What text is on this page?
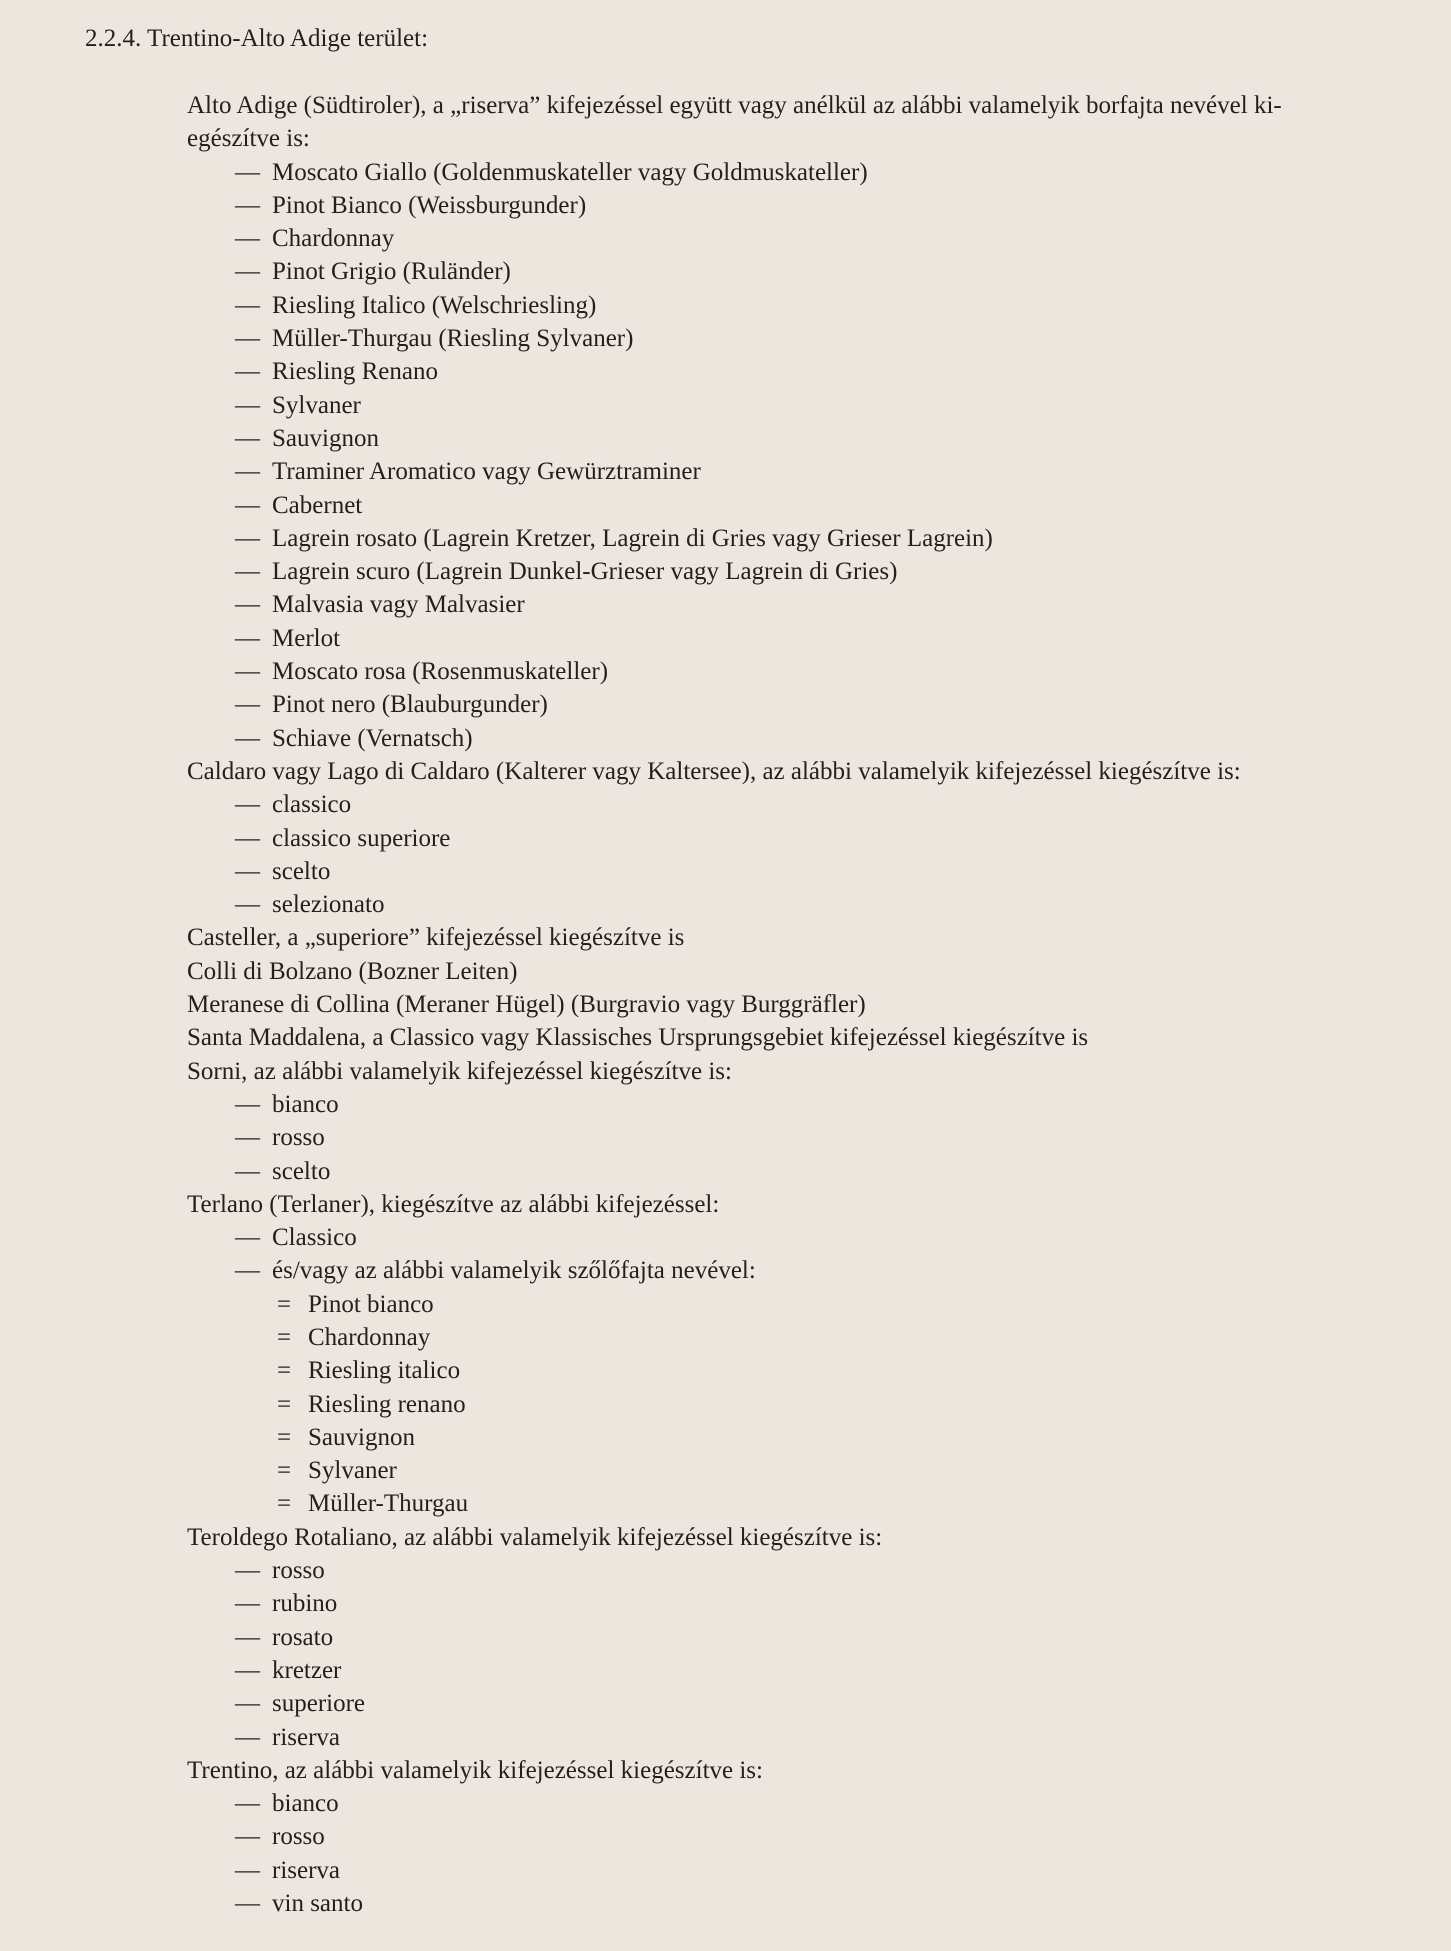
2.2.4. Trentino-Alto Adige terület:
Alto Adige (Südtiroler), a „riserva” kifejezéssel együtt vagy anélkül az alábbi valamelyik borfajta nevével ki-
egészítve is:
— Moscato Giallo (Goldenmuskateller vagy Goldmuskateller)
— Pinot Bianco (Weissburgunder)
— Chardonnay
— Pinot Grigio (Ruländer)
— Riesling Italico (Welschriesling)
— Müller-Thurgau (Riesling Sylvaner)
— Riesling Renano
— Sylvaner
— Sauvignon
— Traminer Aromatico vagy Gewürztraminer
— Cabernet
— Lagrein rosato (Lagrein Kretzer, Lagrein di Gries vagy Grieser Lagrein)
— Lagrein scuro (Lagrein Dunkel-Grieser vagy Lagrein di Gries)
— Malvasia vagy Malvasier
— Merlot
— Moscato rosa (Rosenmuskateller)
— Pinot nero (Blauburgunder)
— Schiave (Vernatsch)
Caldaro vagy Lago di Caldaro (Kalterer vagy Kaltersee), az alábbi valamelyik kifejezéssel kiegészítve is:
— classico
— classico superiore
— scelto
— selezionato
Casteller, a „superiore” kifejezéssel kiegészítve is
Colli di Bolzano (Bozner Leiten)
Meranese di Collina (Meraner Hügel) (Burgravio vagy Burggräfler)
Santa Maddalena, a Classico vagy Klassisches Ursprungsgebiet kifejezéssel kiegészítve is
Sorni, az alábbi valamelyik kifejezéssel kiegészítve is:
— bianco
— rosso
— scelto
Terlano (Terlaner), kiegészítve az alábbi kifejezéssel:
— Classico
— és/vagy az alábbi valamelyik szőlőfajta nevével:
= Pinot bianco
= Chardonnay
= Riesling italico
= Riesling renano
= Sauvignon
= Sylvaner
= Müller-Thurgau
Teroldego Rotaliano, az alábbi valamelyik kifejezéssel kiegészítve is:
— rosso
— rubino
— rosato
— kretzer
— superiore
— riserva
Trentino, az alábbi valamelyik kifejezéssel kiegészítve is:
— bianco
— rosso
— riserva
— vin santo
